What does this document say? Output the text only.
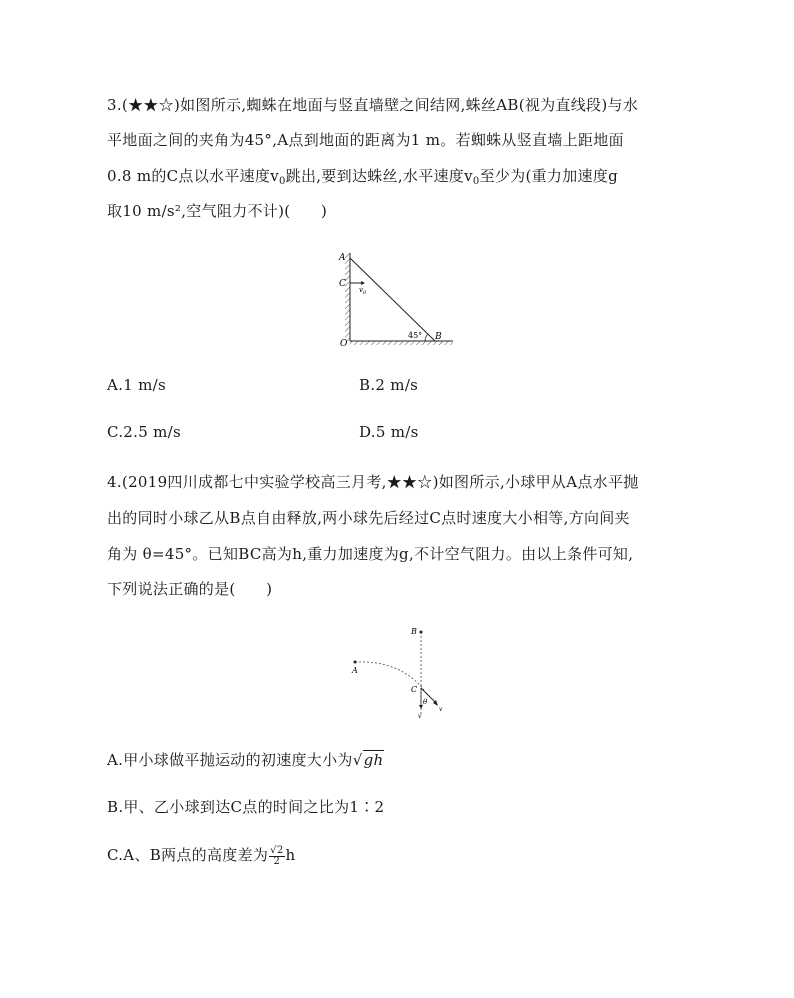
3.(★★☆)如图所示,蜘蛛在地面与竖直墙壁之间结网,蛛丝AB(视为直线段)与水
平地面之间的夹角为45°,A点到地面的距离为1 m。若蜘蛛从竖直墙上距地面
0.8 m的C点以水平速度$v_0$跳出,要到达蛛丝,水平速度$v_0$至少为(重力加速度g
取10 m/s²,空气阻力不计)(　　)
A
C
O
B
$v_0$
45°
A.1 m/s	B.2 m/s
C.2.5 m/s	D.5 m/s
4.(2019四川成都七中实验学校高三月考,★★☆)如图所示,小球甲从A点水平抛
出的同时小球乙从B点自由释放,两小球先后经过C点时速度大小相等,方向间夹
角为 θ=45°。已知BC高为h,重力加速度为g,不计空气阻力。由以上条件可知,
下列说法正确的是(　　)
B
A
C
θ
v
v
A.甲小球做平抛运动的初速度大小为√gh
B.甲、乙小球到达C点的时间之比为1∶2
C.A、B两点的高度差为 $\frac{√2}{2}$ h
